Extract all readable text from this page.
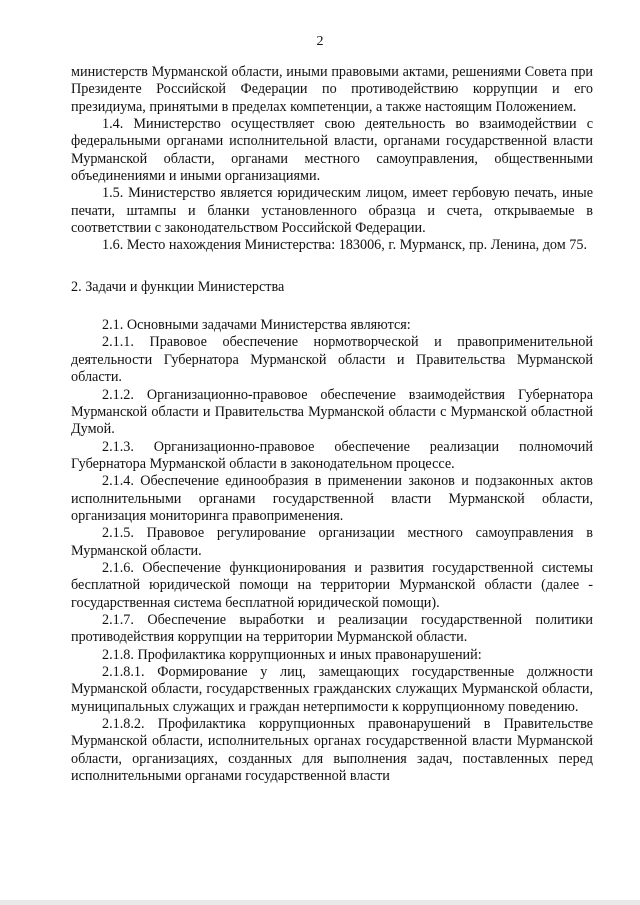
2

министерств Мурманской области, иными правовыми актами, решениями Совета при Президенте Российской Федерации по противодействию коррупции и его президиума, принятыми в пределах компетенции, а также настоящим Положением.

1.4. Министерство осуществляет свою деятельность во взаимодействии с федеральными органами исполнительной власти, органами государственной власти Мурманской области, органами местного самоуправления, общественными объединениями и иными организациями.

1.5. Министерство является юридическим лицом, имеет гербовую печать, иные печати, штампы и бланки установленного образца и счета, открываемые в соответствии с законодательством Российской Федерации.

1.6. Место нахождения Министерства: 183006, г. Мурманск, пр. Ленина, дом 75.

2. Задачи и функции Министерства

2.1. Основными задачами Министерства являются:

2.1.1. Правовое обеспечение нормотворческой и правоприменительной деятельности Губернатора Мурманской области и Правительства Мурманской области.

2.1.2. Организационно-правовое обеспечение взаимодействия Губернатора Мурманской области и Правительства Мурманской области с Мурманской областной Думой.

2.1.3. Организационно-правовое обеспечение реализации полномочий Губернатора Мурманской области в законодательном процессе.

2.1.4. Обеспечение единообразия в применении законов и подзаконных актов исполнительными органами государственной власти Мурманской области, организация мониторинга правоприменения.

2.1.5. Правовое регулирование организации местного самоуправления в Мурманской области.

2.1.6. Обеспечение функционирования и развития государственной системы бесплатной юридической помощи на территории Мурманской области (далее - государственная система бесплатной юридической помощи).

2.1.7. Обеспечение выработки и реализации государственной политики противодействия коррупции на территории Мурманской области.

2.1.8. Профилактика коррупционных и иных правонарушений:

2.1.8.1. Формирование у лиц, замещающих государственные должности Мурманской области, государственных гражданских служащих Мурманской области, муниципальных служащих и граждан нетерпимости к коррупционному поведению.

2.1.8.2. Профилактика коррупционных правонарушений в Правительстве Мурманской области, исполнительных органах государственной власти Мурманской области, организациях, созданных для выполнения задач, поставленных перед исполнительными органами государственной власти
